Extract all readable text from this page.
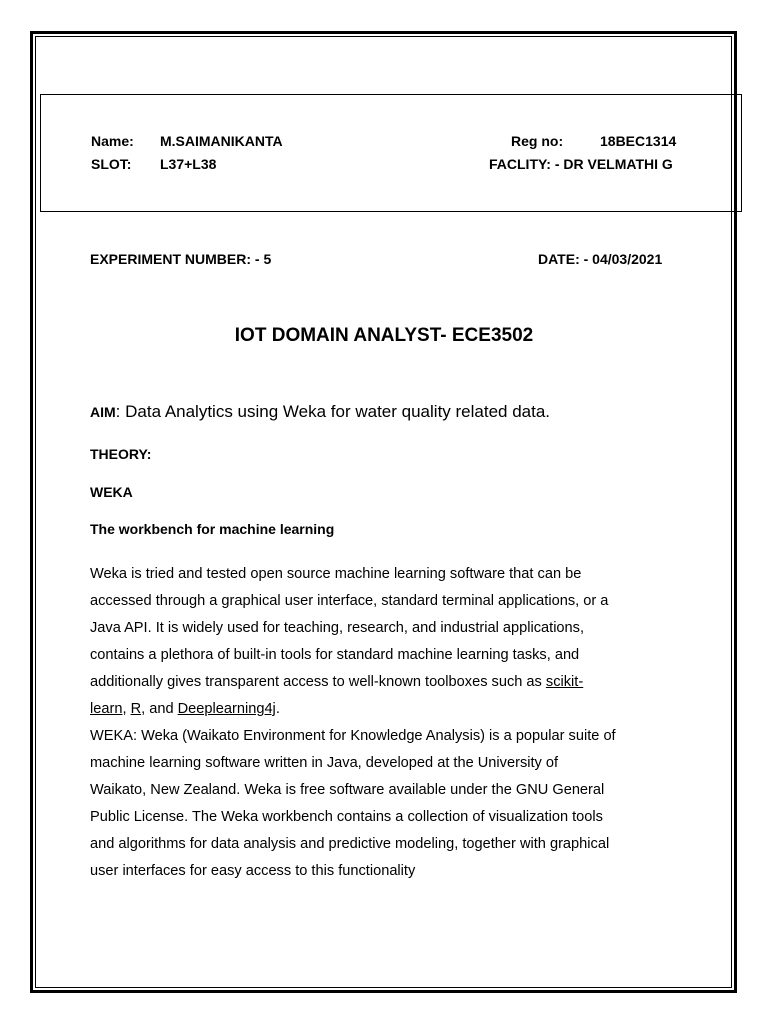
Name: M.SAIMANIKANTA	Reg no:	18BEC1314
SLOT: L37+L38	FACLITY: - DR VELMATHI G
EXPERIMENT NUMBER: - 5	DATE: - 04/03/2021
IOT DOMAIN ANALYST- ECE3502
AIM: Data Analytics using Weka for water quality related data.
THEORY:
WEKA
The workbench for machine learning

Weka is tried and tested open source machine learning software that can be
accessed through a graphical user interface, standard terminal applications, or a
Java API. It is widely used for teaching, research, and industrial applications,
contains a plethora of built-in tools for standard machine learning tasks, and
additionally gives transparent access to well-known toolboxes such as scikit-
learn, R, and Deeplearning4j.

WEKA: Weka (Waikato Environment for Knowledge Analysis) is a popular suite of
machine learning software written in Java, developed at the University of
Waikato, New Zealand. Weka is free software available under the GNU General
Public License. The Weka workbench contains a collection of visualization tools
and algorithms for data analysis and predictive modeling, together with graphical
user interfaces for easy access to this functionality
